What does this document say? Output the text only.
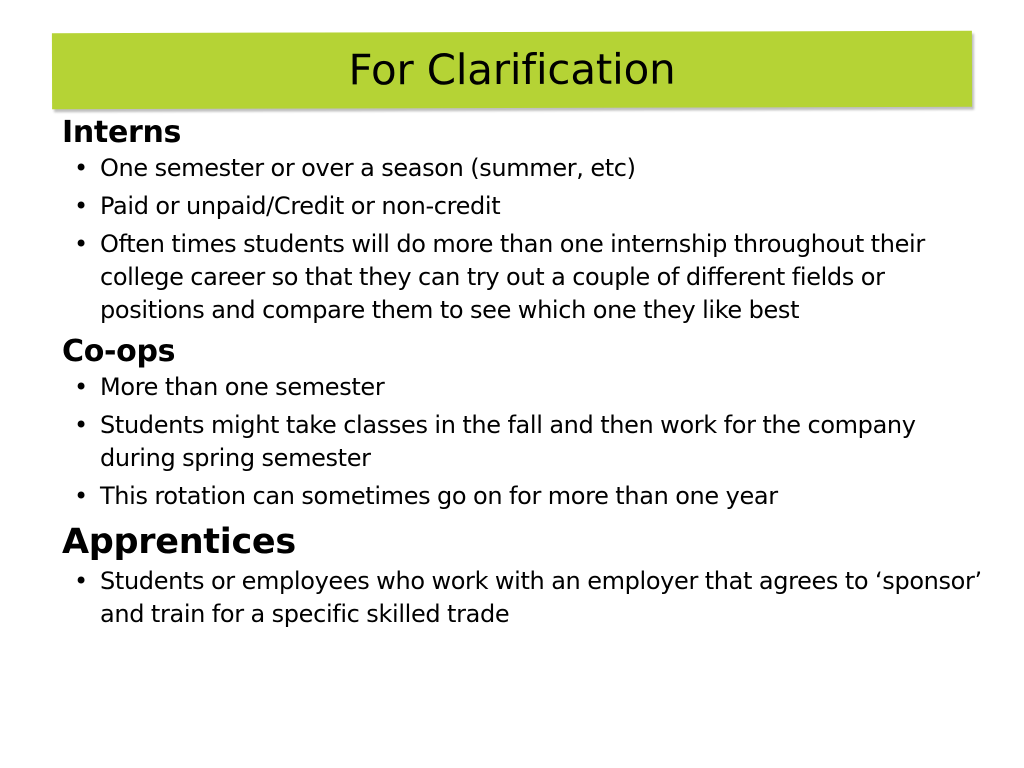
For Clarification
Interns
• One semester or over a season (summer, etc)
• Paid or unpaid/Credit or non-credit
• Often times students will do more than one internship throughout their college career so that they can try out a couple of different fields or positions and compare them to see which one they like best
Co-ops
• More than one semester
• Students might take classes in the fall and then work for the company during spring semester
• This rotation can sometimes go on for more than one year
Apprentices
• Students or employees who work with an employer that agrees to ‘sponsor’ and train for a specific skilled trade
